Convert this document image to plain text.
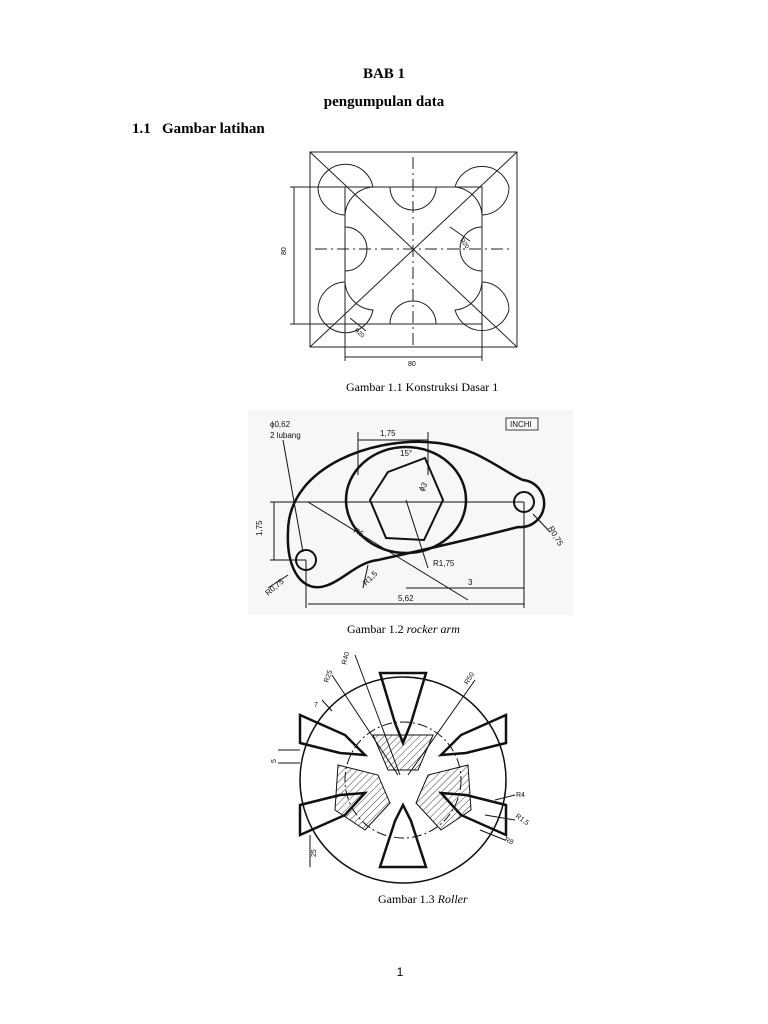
BAB 1
pengumpulan data
1.1 Gambar latihan
80
80
R20
R20
Gambar 1.1 Konstruksi Dasar 1
INCHI
ϕ0,62
2 lubang	1,75
15°
ϕ3
1,75	R5
R1,75
R1,5
R0,75
R0,75
3
5,62
Gambar 1.2 rocker arm
R40
R25	R50
7
5
25
R4
R1,5
R8
Gambar 1.3 Roller
1
